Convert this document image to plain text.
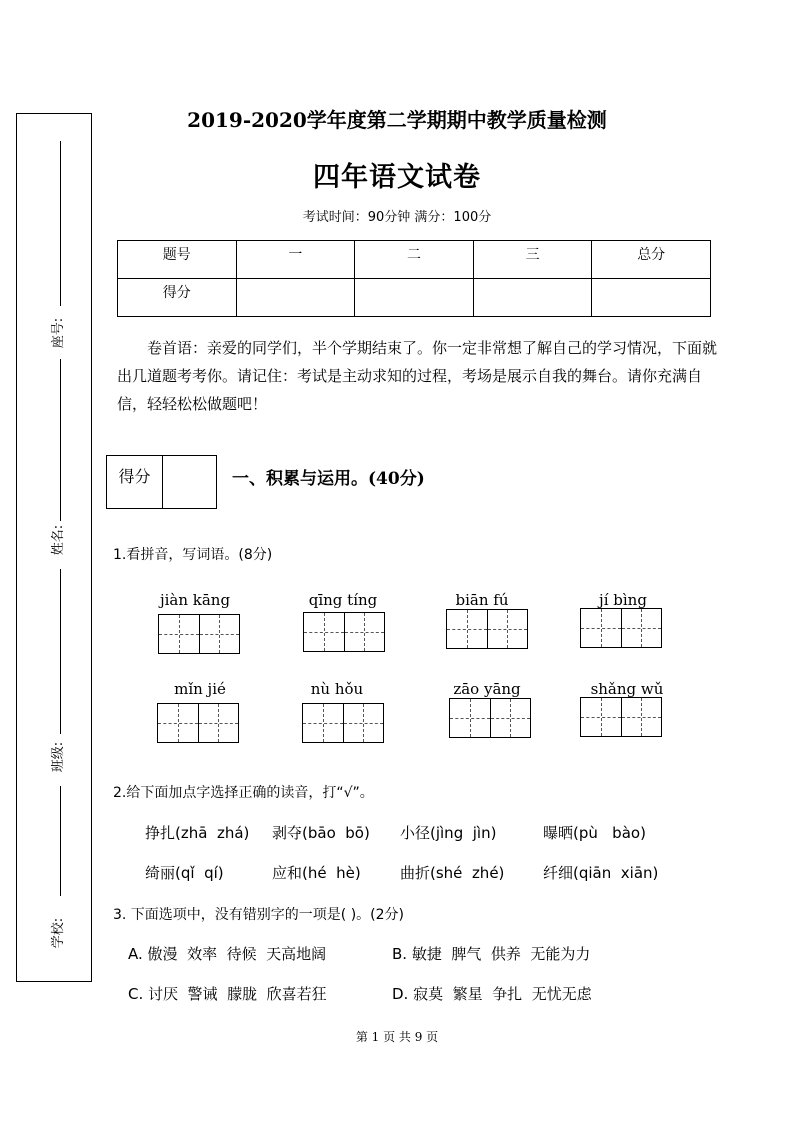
座号:
姓名:
班级:
学校:
2019-2020学年度第二学期期中教学质量检测
四年语文试卷
考试时间：90分钟 满分：100分
题号	一	二	三	总分

得分				

卷首语：亲爱的同学们，半个学期结束了。你一定非常想了解自己的学习情况，下面就出几道题考考你。请记住：考试是主动求知的过程，考场是展示自我的舞台。请你充满自信，轻轻松松做题吧！
得分	一、积累与运用。(40分)
1.看拼音，写词语。(8分)
jiàn kāng	qīng tíng	biān fú	jí bìng
mǐn jié	nù hǒu	zāo yāng	shǎng wǔ
2.给下面加点字选择正确的读音，打“√”。
挣扎(zhā  zhá) 剥夺(bāo  bō) 小径(jìng  jìn)	曝晒(pù   bào)
绮丽(qǐ  qí)	应和(hé  hè)	曲折(shé  zhé)	纤细(qiān  xiān)
3. 下面选项中，没有错别字的一项是( )。(2分)
A. 傲漫  效率  待候  天高地阔	B. 敏捷  脾气  供养  无能为力
C. 讨厌  警诫  朦胧  欣喜若狂	D. 寂莫  繁星  争扎  无忧无虑
第 1 页 共 9 页
